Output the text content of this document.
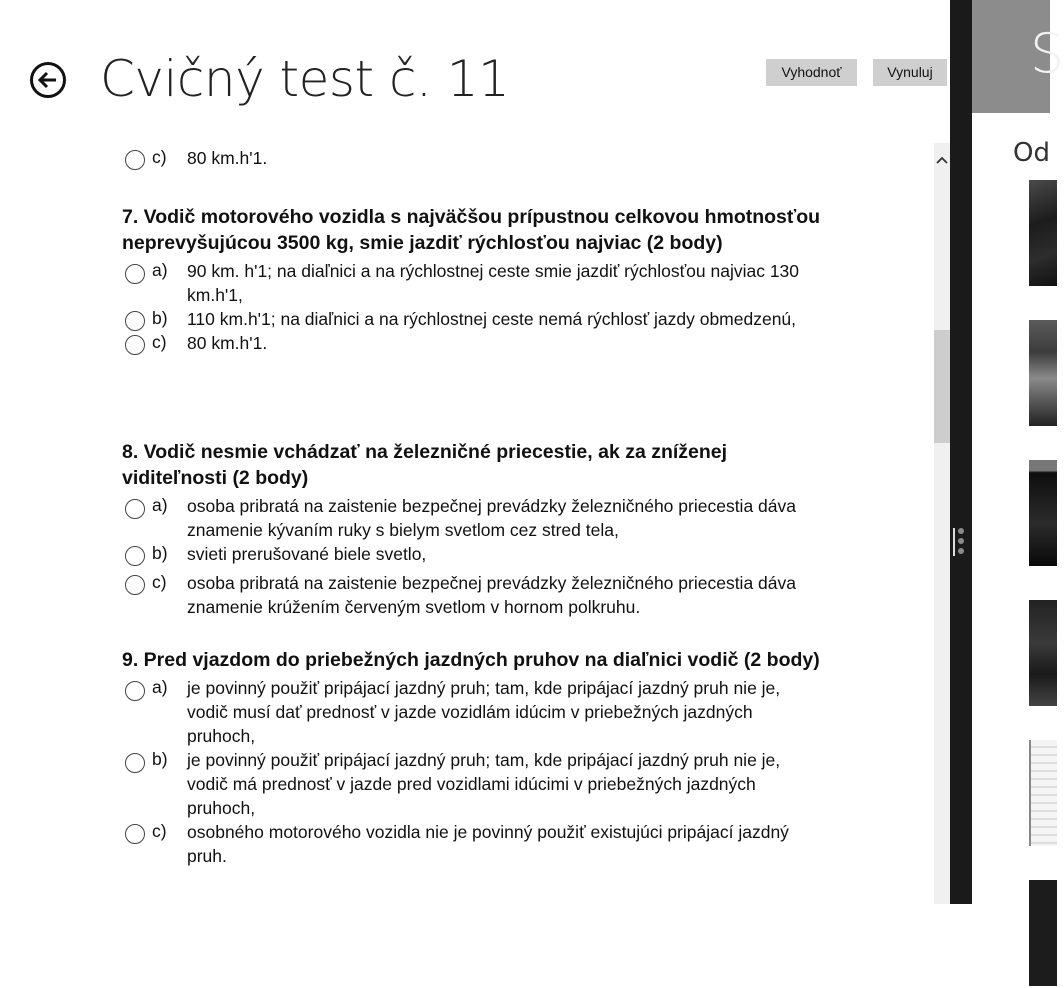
Cvičný test č. 11	Vyhodnoť	Vynuluj
c) 80 km.h'1.

7. Vodič motorového vozidla s najväčšou prípustnou celkovou hmotnosťou neprevyšujúcou 3500 kg, smie jazdiť rýchlosťou najviac (2 body)

a) 90 km. h'1; na diaľnici a na rýchlostnej ceste smie jazdiť rýchlosťou najviac 130 km.h'1,
b) 110 km.h'1; na diaľnici a na rýchlostnej ceste nemá rýchlosť jazdy obmedzenú,
c) 80 km.h'1.

8. Vodič nesmie vchádzať na železničné priecestie, ak za zníženej viditeľnosti (2 body)

a) osoba pribratá na zaistenie bezpečnej prevádzky železničného priecestia dáva znamenie kývaním ruky s bielym svetlom cez stred tela,
b) svieti prerušované biele svetlo,
c) osoba pribratá na zaistenie bezpečnej prevádzky železničného priecestia dáva znamenie krúžením červeným svetlom v hornom polkruhu.

9. Pred vjazdom do priebežných jazdných pruhov na diaľnici vodič (2 body)

a) je povinný použiť pripájací jazdný pruh; tam, kde pripájací jazdný pruh nie je, vodič musí dať prednosť v jazde vozidlám idúcim v priebežných jazdných pruhoch,
b) je povinný použiť pripájací jazdný pruh; tam, kde pripájací jazdný pruh nie je, vodič má prednosť v jazde pred vozidlami idúcimi v priebežných jazdných pruhoch,
c) osobného motorového vozidla nie je povinný použiť existujúci pripájací jazdný pruh.
S
Od
